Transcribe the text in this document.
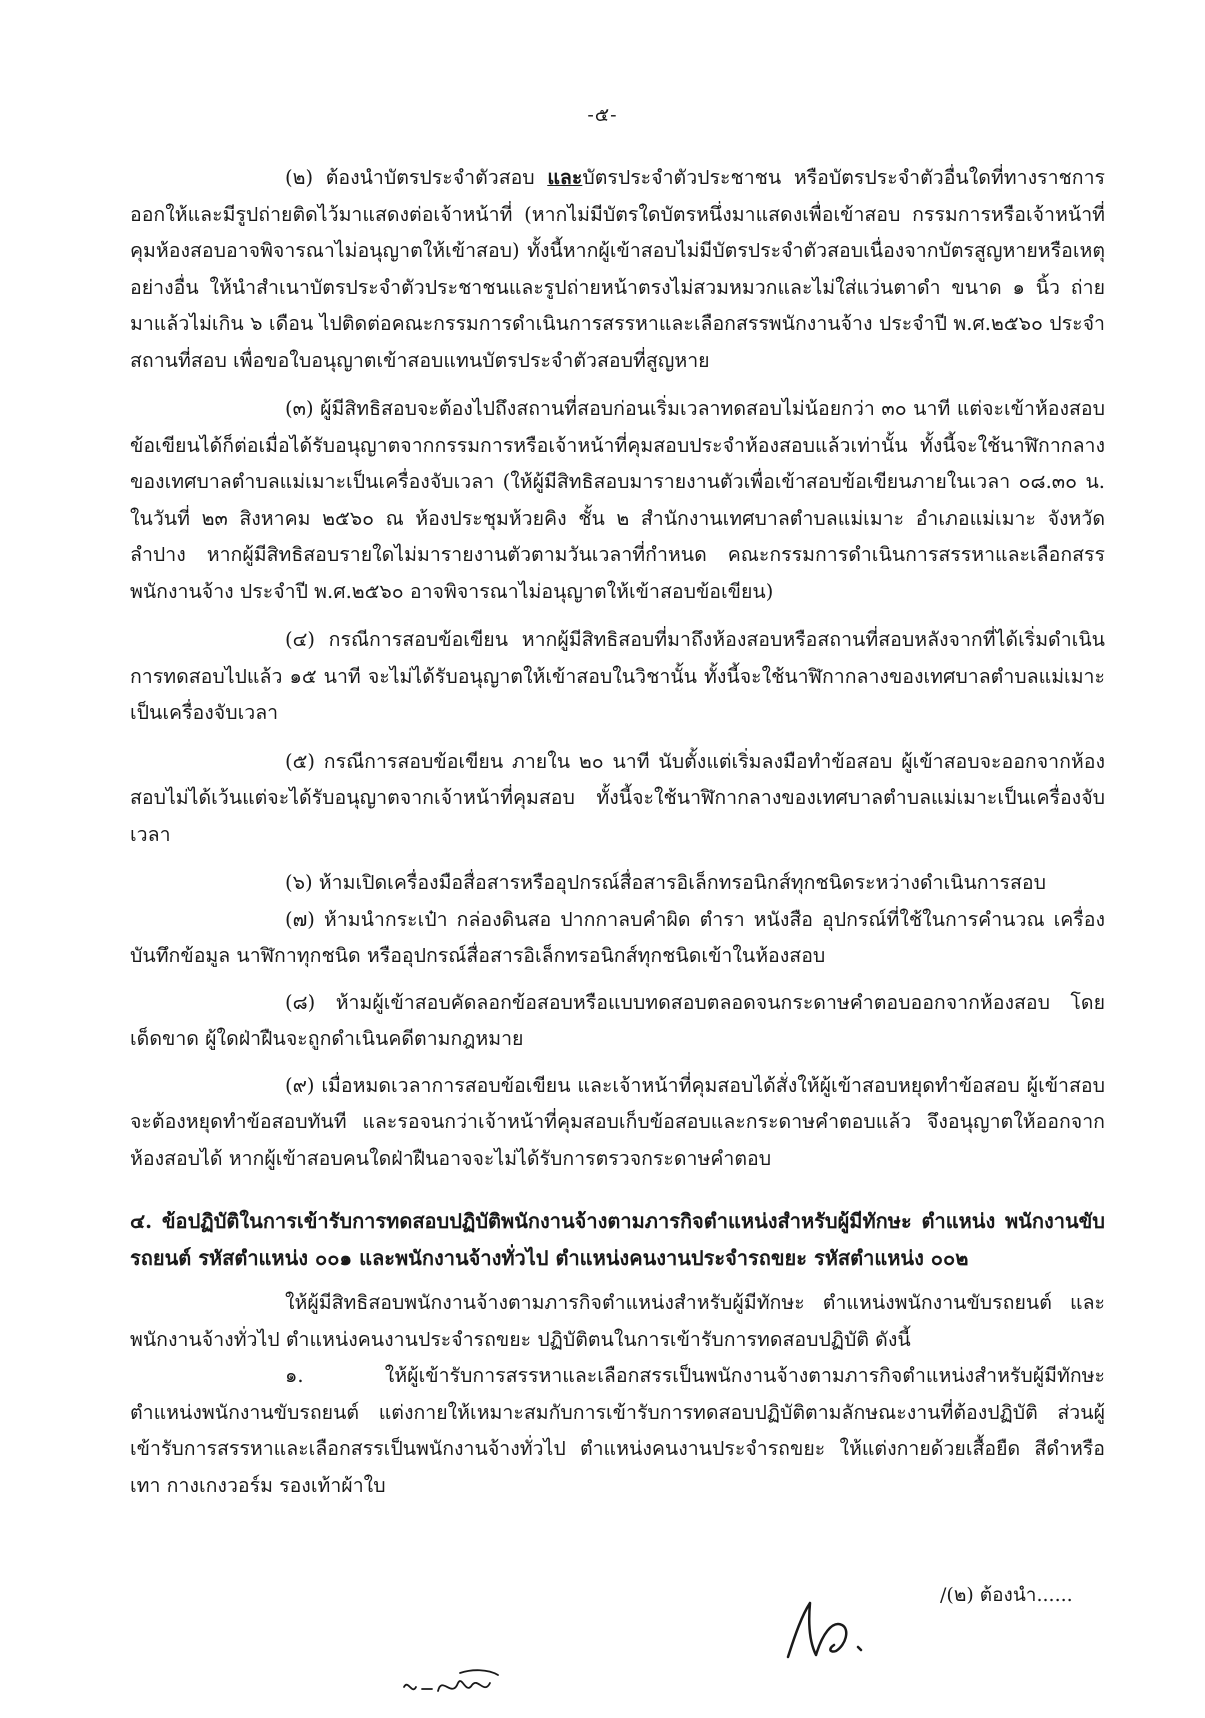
-๕-

(๒) ต้องนำบัตรประจำตัวสอบ และบัตรประจำตัวประชาชน หรือบัตรประจำตัวอื่นใดที่ทางราชการออกให้และมีรูปถ่ายติดไว้มาแสดงต่อเจ้าหน้าที่ (หากไม่มีบัตรใดบัตรหนึ่งมาแสดงเพื่อเข้าสอบ กรรมการหรือเจ้าหน้าที่คุมห้องสอบอาจพิจารณาไม่อนุญาตให้เข้าสอบ) ทั้งนี้หากผู้เข้าสอบไม่มีบัตรประจำตัวสอบเนื่องจากบัตรสูญหายหรือเหตุอย่างอื่น ให้นำสำเนาบัตรประจำตัวประชาชนและรูปถ่ายหน้าตรงไม่สวมหมวกและไม่ใส่แว่นตาดำ ขนาด ๑ นิ้ว ถ่ายมาแล้วไม่เกิน ๖ เดือน ไปติดต่อคณะกรรมการดำเนินการสรรหาและเลือกสรรพนักงานจ้าง ประจำปี พ.ศ.๒๕๖๐ ประจำสถานที่สอบ เพื่อขอใบอนุญาตเข้าสอบแทนบัตรประจำตัวสอบที่สูญหาย

(๓) ผู้มีสิทธิสอบจะต้องไปถึงสถานที่สอบก่อนเริ่มเวลาทดสอบไม่น้อยกว่า ๓๐ นาที แต่จะเข้าห้องสอบข้อเขียนได้ก็ต่อเมื่อได้รับอนุญาตจากกรรมการหรือเจ้าหน้าที่คุมสอบประจำห้องสอบแล้วเท่านั้น ทั้งนี้จะใช้นาฬิกากลางของเทศบาลตำบลแม่เมาะเป็นเครื่องจับเวลา (ให้ผู้มีสิทธิสอบมารายงานตัวเพื่อเข้าสอบข้อเขียนภายในเวลา ๐๘.๓๐ น. ในวันที่ ๒๓ สิงหาคม ๒๕๖๐ ณ ห้องประชุมห้วยคิง ชั้น ๒ สำนักงานเทศบาลตำบลแม่เมาะ อำเภอแม่เมาะ จังหวัดลำปาง หากผู้มีสิทธิสอบรายใดไม่มารายงานตัวตามวันเวลาที่กำหนด คณะกรรมการดำเนินการสรรหาและเลือกสรรพนักงานจ้าง ประจำปี พ.ศ.๒๕๖๐ อาจพิจารณาไม่อนุญาตให้เข้าสอบข้อเขียน)

(๔) กรณีการสอบข้อเขียน หากผู้มีสิทธิสอบที่มาถึงห้องสอบหรือสถานที่สอบหลังจากที่ได้เริ่มดำเนินการทดสอบไปแล้ว ๑๕ นาที จะไม่ได้รับอนุญาตให้เข้าสอบในวิชานั้น ทั้งนี้จะใช้นาฬิกากลางของเทศบาลตำบลแม่เมาะเป็นเครื่องจับเวลา

(๕) กรณีการสอบข้อเขียน ภายใน ๒๐ นาที นับตั้งแต่เริ่มลงมือทำข้อสอบ ผู้เข้าสอบจะออกจากห้องสอบไม่ได้เว้นแต่จะได้รับอนุญาตจากเจ้าหน้าที่คุมสอบ ทั้งนี้จะใช้นาฬิกากลางของเทศบาลตำบลแม่เมาะเป็นเครื่องจับเวลา

(๖) ห้ามเปิดเครื่องมือสื่อสารหรืออุปกรณ์สื่อสารอิเล็กทรอนิกส์ทุกชนิดระหว่างดำเนินการสอบ

(๗) ห้ามนำกระเป๋า กล่องดินสอ ปากกาลบคำผิด ตำรา หนังสือ อุปกรณ์ที่ใช้ในการคำนวณ เครื่องบันทึกข้อมูล นาฬิกาทุกชนิด หรืออุปกรณ์สื่อสารอิเล็กทรอนิกส์ทุกชนิดเข้าในห้องสอบ

(๘) ห้ามผู้เข้าสอบคัดลอกข้อสอบหรือแบบทดสอบตลอดจนกระดาษคำตอบออกจากห้องสอบ โดยเด็ดขาด ผู้ใดฝ่าฝืนจะถูกดำเนินคดีตามกฎหมาย

(๙) เมื่อหมดเวลาการสอบข้อเขียน และเจ้าหน้าที่คุมสอบได้สั่งให้ผู้เข้าสอบหยุดทำข้อสอบ ผู้เข้าสอบจะต้องหยุดทำข้อสอบทันที และรอจนกว่าเจ้าหน้าที่คุมสอบเก็บข้อสอบและกระดาษคำตอบแล้ว จึงอนุญาตให้ออกจากห้องสอบได้ หากผู้เข้าสอบคนใดฝ่าฝืนอาจจะไม่ได้รับการตรวจกระดาษคำตอบ

๔. ข้อปฏิบัติในการเข้ารับการทดสอบปฏิบัติพนักงานจ้างตามภารกิจตำแหน่งสำหรับผู้มีทักษะ ตำแหน่ง พนักงานขับรถยนต์ รหัสตำแหน่ง ๐๐๑ และพนักงานจ้างทั่วไป ตำแหน่งคนงานประจำรถขยะ รหัสตำแหน่ง ๐๐๒

ให้ผู้มีสิทธิสอบพนักงานจ้างตามภารกิจตำแหน่งสำหรับผู้มีทักษะ ตำแหน่งพนักงานขับรถยนต์ และพนักงานจ้างทั่วไป ตำแหน่งคนงานประจำรถขยะ ปฏิบัติตนในการเข้ารับการทดสอบปฏิบัติ ดังนี้

๑. ให้ผู้เข้ารับการสรรหาและเลือกสรรเป็นพนักงานจ้างตามภารกิจตำแหน่งสำหรับผู้มีทักษะ ตำแหน่งพนักงานขับรถยนต์ แต่งกายให้เหมาะสมกับการเข้ารับการทดสอบปฏิบัติตามลักษณะงานที่ต้องปฏิบัติ ส่วนผู้เข้ารับการสรรหาและเลือกสรรเป็นพนักงานจ้างทั่วไป ตำแหน่งคนงานประจำรถขยะ ให้แต่งกายด้วยเสื้อยืด สีดำหรือเทา กางเกงวอร์ม รองเท้าผ้าใบ

/(๒) ต้องนำ......
